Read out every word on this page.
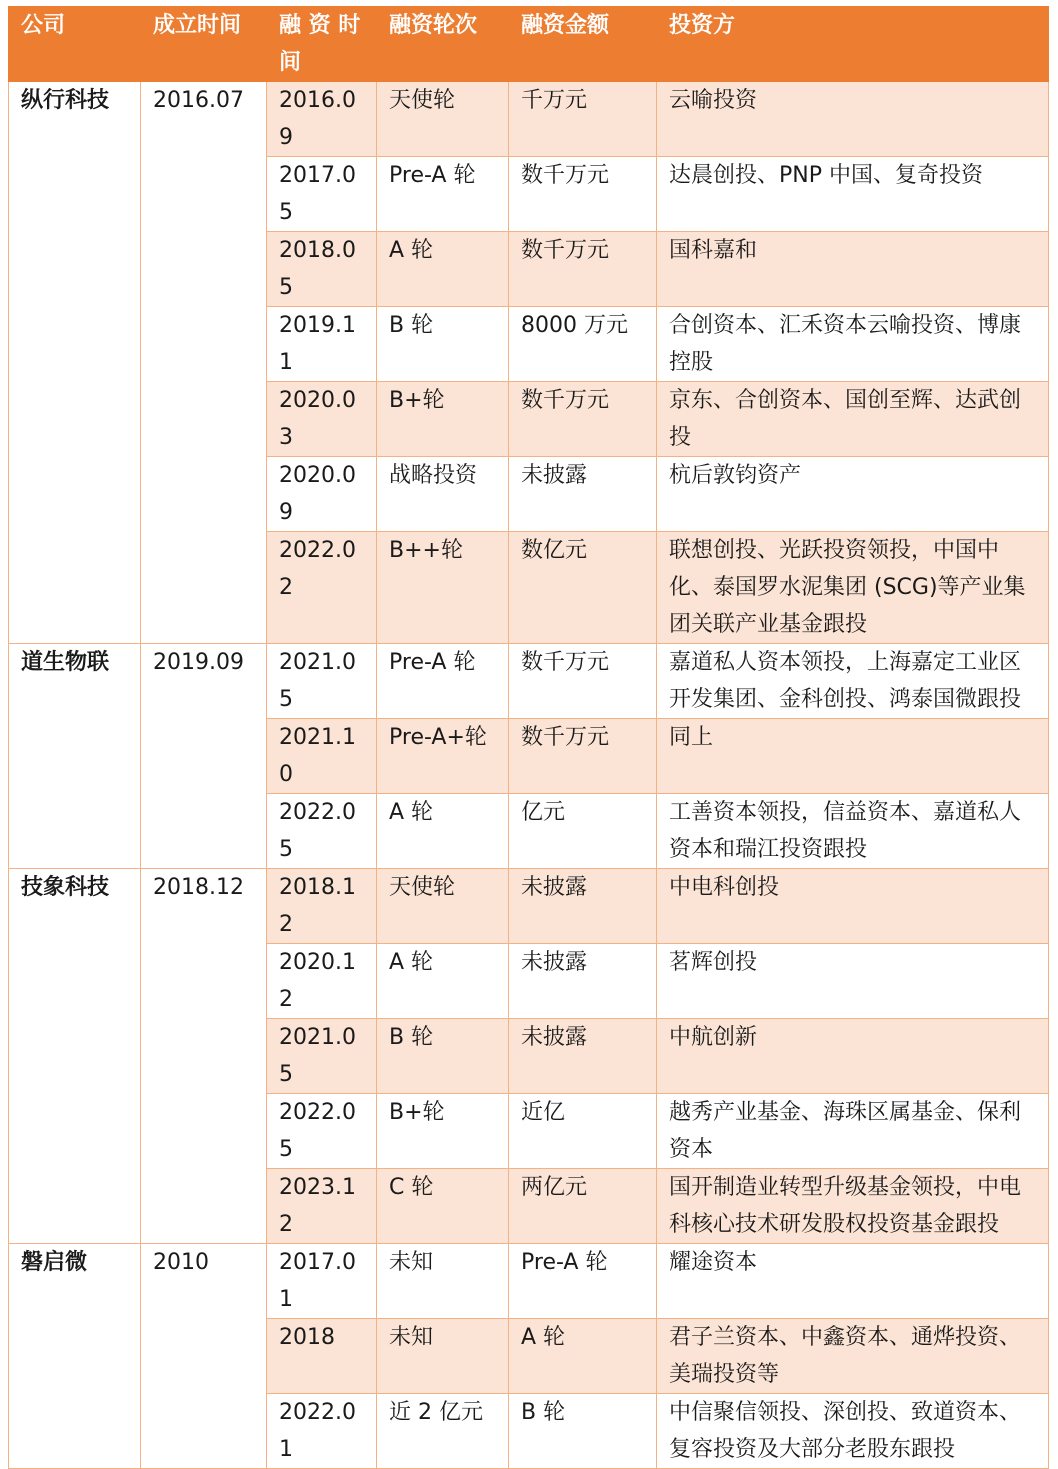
公司	成立时间	融 资 时 间	融资轮次	融资金额	投资方
纵行科技	2016.07	2016.09	天使轮	千万元	云喻投资
		2017.05	Pre-A 轮	数千万元	达晨创投、PNP 中国、复奇投资
		2018.05	A 轮	数千万元	国科嘉和
		2019.11	B 轮	8000 万元	合创资本、汇禾资本云喻投资、博康控股
		2020.03	B+轮	数千万元	京东、合创资本、国创至辉、达武创投
		2020.09	战略投资	未披露	杭后敦钧资产
		2022.02	B++轮	数亿元	联想创投、光跃投资领投，中国中化、泰国罗水泥集团 (SCG)等产业集团关联产业基金跟投
道生物联	2019.09	2021.05	Pre-A 轮	数千万元	嘉道私人资本领投，上海嘉定工业区开发集团、金科创投、鸿泰国微跟投
		2021.10	Pre-A+轮	数千万元	同上
		2022.05	A 轮	亿元	工善资本领投，信益资本、嘉道私人资本和瑞江投资跟投
技象科技	2018.12	2018.12	天使轮	未披露	中电科创投
		2020.12	A 轮	未披露	茗辉创投
		2021.05	B 轮	未披露	中航创新
		2022.05	B+轮	近亿	越秀产业基金、海珠区属基金、保利资本
		2023.12	C 轮	两亿元	国开制造业转型升级基金领投，中电科核心技术研发股权投资基金跟投
磐启微	2010	2017.01	未知	Pre-A 轮	耀途资本
		2018	未知	A 轮	君子兰资本、中鑫资本、通烨投资、美瑞投资等
		2022.01	近 2 亿元	B 轮	中信聚信领投、深创投、致道资本、复容投资及大部分老股东跟投
